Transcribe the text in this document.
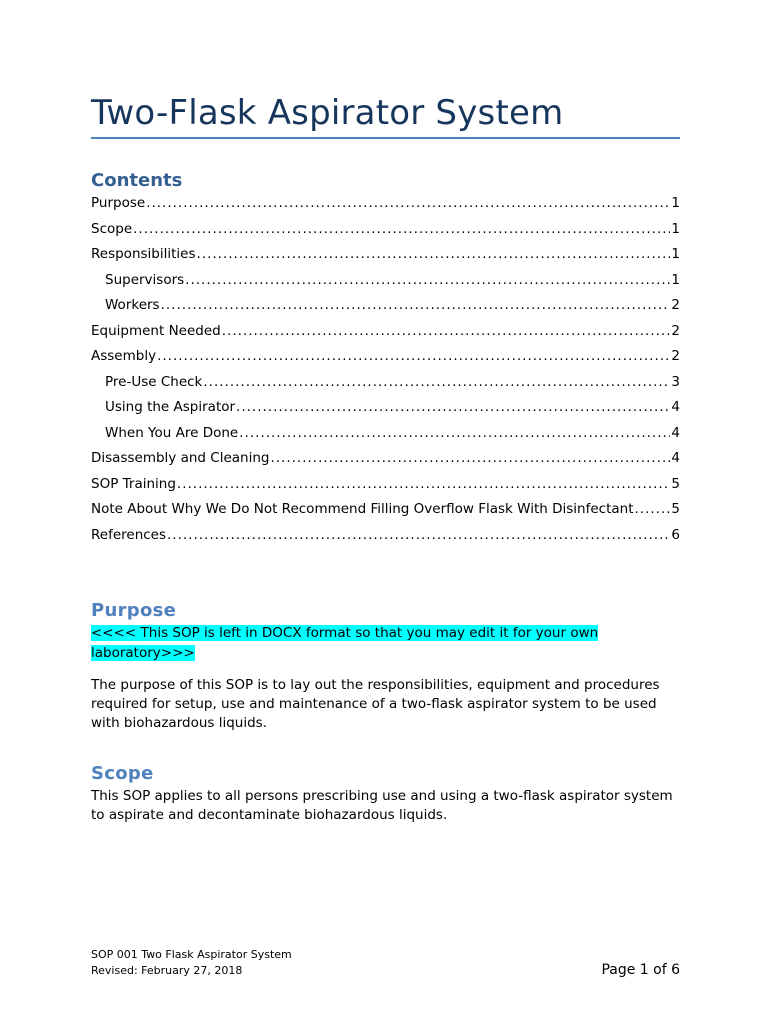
Two-Flask Aspirator System
Contents
Purpose .....	1
Scope .....	1
Responsibilities .....	1
Supervisors .....	1
Workers .....	2
Equipment Needed .....	2
Assembly .....	2
Pre-Use Check .....	3
Using the Aspirator .....	4
When You Are Done .....	4
Disassembly and Cleaning .....	4
SOP Training .....	5
Note About Why We Do Not Recommend Filling Overflow Flask With Disinfectant .....	5
References .....	6
Purpose
<<<< This SOP is left in DOCX format so that you may edit it for your own
laboratory>>>

The purpose of this SOP is to lay out the responsibilities, equipment and procedures required for setup, use and maintenance of a two-flask aspirator system to be used with biohazardous liquids.

Scope

This SOP applies to all persons prescribing use and using a two-flask aspirator system to aspirate and decontaminate biohazardous liquids.

SOP 001 Two Flask Aspirator System
Revised: February 27, 2018	Page 1 of 6
